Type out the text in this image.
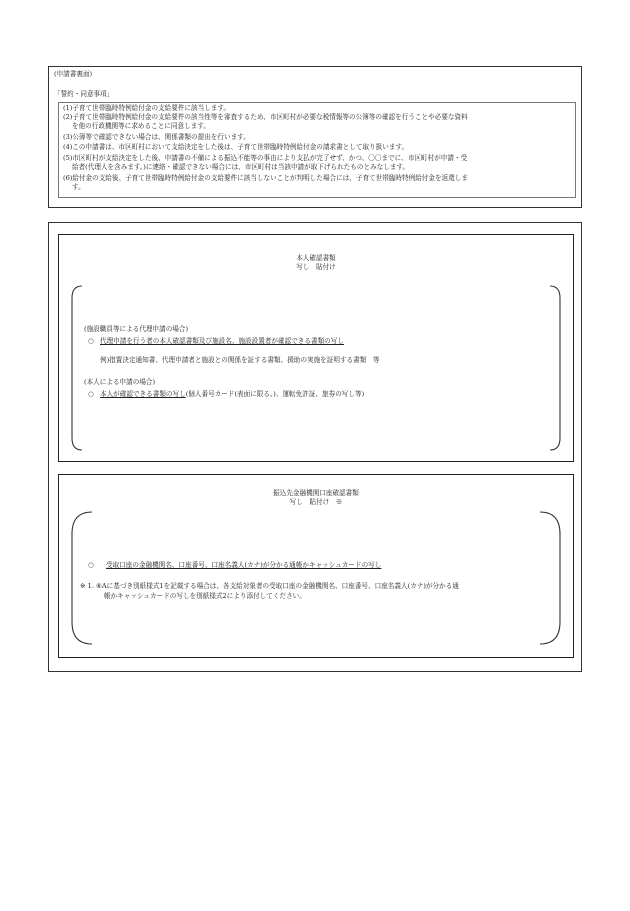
(申請書裏面)
「誓約・同意事項」
(1)子育て世帯臨時特例給付金の支給要件に該当します。
(2)子育て世帯臨時特例給付金の支給要件の該当性等を審査するため、市区町村が必要な税情報等の公簿等の確認を行うことや必要な資料
を他の行政機関等に求めることに同意します。
(3)公簿等で確認できない場合は、関係書類の提出を行います。
(4)この申請書は、市区町村において支給決定をした後は、子育て世帯臨時特例給付金の請求書として取り扱います。
(5)市区町村が支給決定をした後、申請書の不備による振込不能等の事由により支払が完了せず、かつ、〇〇までに、市区町村が申請・受
給者(代理人を含みます。)に連絡・確認できない場合には、市区町村は当該申請が取下げられたものとみなします。
(6)給付金の支給後、子育て世帯臨時特例給付金の支給要件に該当しないことが判明した場合には、子育て世帯臨時特例給付金を返還しま
す。
本人確認書類
写し　貼付け
(施設職員等による代理申請の場合)
○ 代理申請を行う者の本人確認書類及び施設名、施設設置者が確認できる書類の写し
例)措置決定通知書、代理申請者と施設との関係を証する書類、援助の実施を証明する書類　等
(本人による申請の場合)
○ 本人が確認できる書類の写し(個人番号カード(表面に限る。)、運転免許証、旅券の写し等)
振込先金融機関口座確認書類
写し　貼付け　※
○ 受取口座の金融機関名、口座番号、口座名義人(カナ)が分かる通帳かキャッシュカードの写し
※ 1. ⑥Aに基づき別紙様式1を記載する場合は、各支給対象者の受取口座の金融機関名、口座番号、口座名義人(カナ)が分かる通
帳かキャッシュカードの写しを別紙様式2により添付してください。
